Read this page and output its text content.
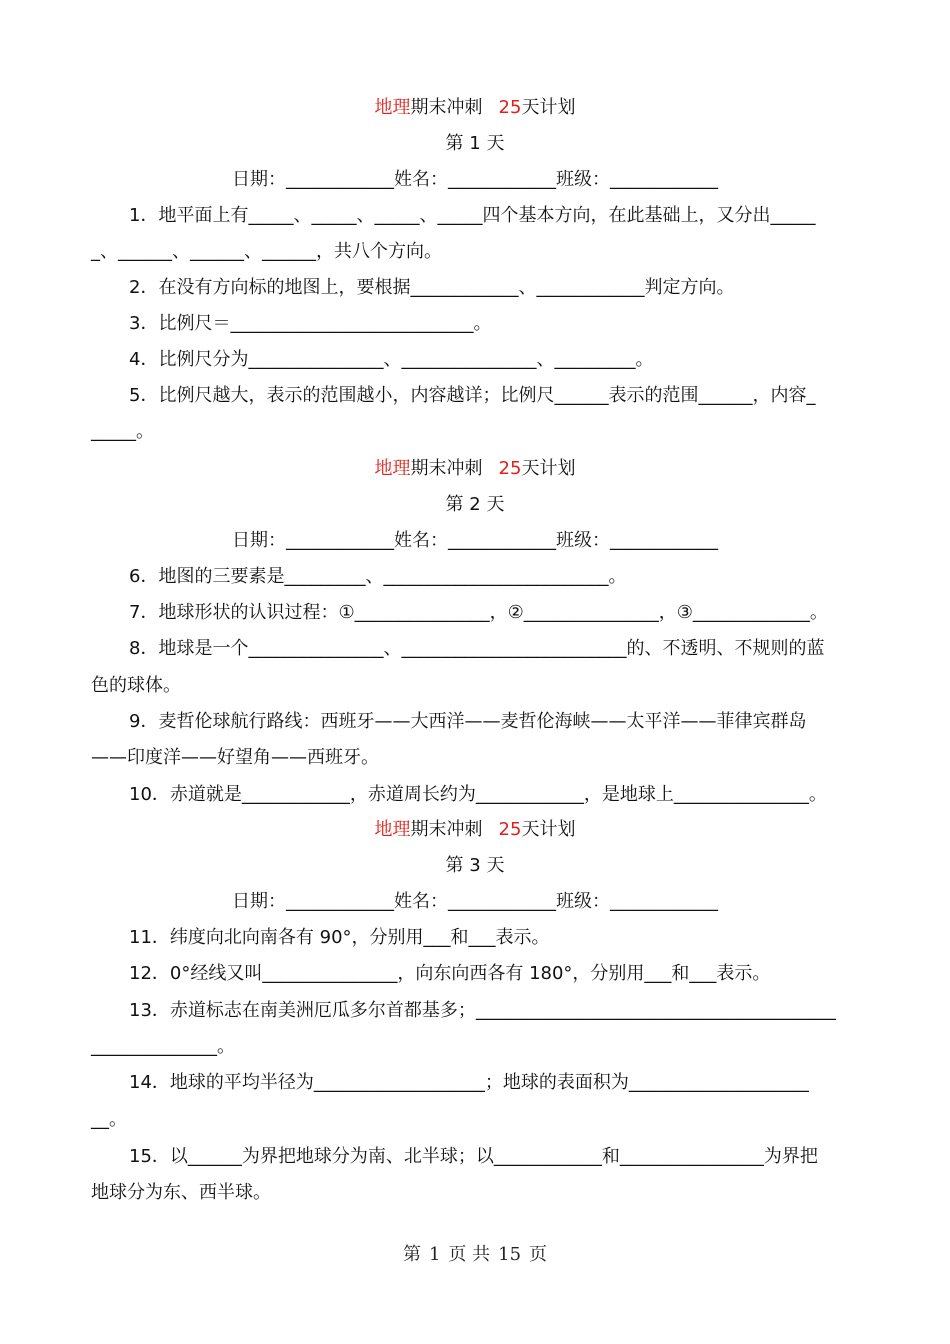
地理期末冲刺 25天计划
第 1 天
日期：____________姓名：____________班级：____________
1．地平面上有_____、_____、_____、_____四个基本方向，在此基础上，又分出_____
_、______、______、______，共八个方向。
2．在没有方向标的地图上，要根据____________、____________判定方向。
3．比例尺＝___________________________。
4．比例尺分为_______________、_______________、_________。
5．比例尺越大，表示的范围越小，内容越详；比例尺______表示的范围______，内容_
_____。
地理期末冲刺 25天计划
第 2 天
日期：____________姓名：____________班级：____________
6．地图的三要素是_________、_________________________。
7．地球形状的认识过程：①_______________，②_______________，③_____________。
8．地球是一个_______________、_________________________的、不透明、不规则的蓝
色的球体。
9．麦哲伦球航行路线：西班牙——大西洋——麦哲伦海峡——太平洋——菲律宾群岛
——印度洋——好望角——西班牙。
10．赤道就是____________，赤道周长约为____________，是地球上_______________。
地理期末冲刺 25天计划
第 3 天
日期：____________姓名：____________班级：____________
11．纬度向北向南各有 90°，分别用___和___表示。
12．0°经线又叫_______________，向东向西各有 180°，分别用___和___表示。
13．赤道标志在南美洲厄瓜多尔首都基多；________________________________________
______________。
14．地球的平均半径为___________________；地球的表面积为____________________
__。
15．以______为界把地球分为南、北半球；以____________和________________为界把
地球分为东、西半球。
第 1 页 共 15 页
